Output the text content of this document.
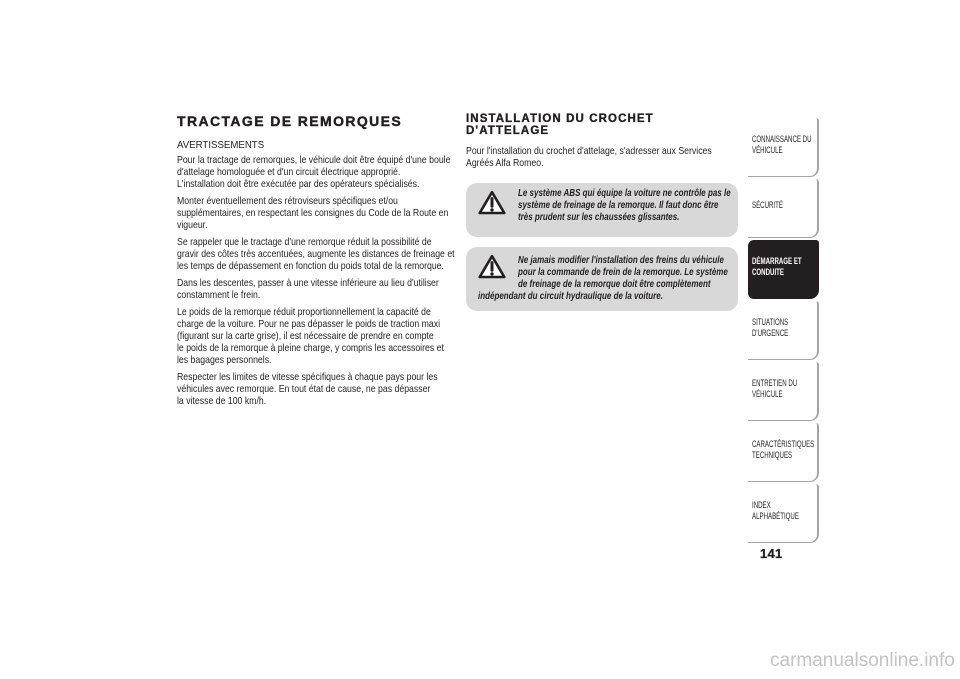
TRACTAGE DE REMORQUES
AVERTISSEMENTS
Pour la tractage de remorques, le véhicule doit être équipé d'une boule
d'attelage homologuée et d'un circuit électrique approprié.
L'installation doit être exécutée par des opérateurs spécialisés.
Monter éventuellement des rétroviseurs spécifiques et/ou
supplémentaires, en respectant les consignes du Code de la Route en
vigueur.
Se rappeler que le tractage d'une remorque réduit la possibilité de
gravir des côtes très accentuées, augmente les distances de freinage et
les temps de dépassement en fonction du poids total de la remorque.
Dans les descentes, passer à une vitesse inférieure au lieu d'utiliser
constamment le frein.
Le poids de la remorque réduit proportionnellement la capacité de
charge de la voiture. Pour ne pas dépasser le poids de traction maxi
(figurant sur la carte grise), il est nécessaire de prendre en compte
le poids de la remorque à pleine charge, y compris les accessoires et
les bagages personnels.
Respecter les limites de vitesse spécifiques à chaque pays pour les
véhicules avec remorque. En tout état de cause, ne pas dépasser
la vitesse de 100 km/h.
INSTALLATION DU CROCHET
D'ATTELAGE
Pour l'installation du crochet d'attelage, s'adresser aux Services
Agréés Alfa Romeo.
Le système ABS qui équipe la voiture ne contrôle pas le
système de freinage de la remorque. Il faut donc être
très prudent sur les chaussées glissantes.
Ne jamais modifier l'installation des freins du véhicule
pour la commande de frein de la remorque. Le système
de freinage de la remorque doit être complètement
indépendant du circuit hydraulique de la voiture.
CONNAISSANCE DU
VÉHICULE
SÉCURITÉ
DÉMARRAGE ET
CONDUITE
SITUATIONS
D'URGENCE
ENTRETIEN DU
VÉHICULE
CARACTÉRISTIQUES
TECHNIQUES
INDEX
ALPHABÉTIQUE
141
carmanualsonline.info
